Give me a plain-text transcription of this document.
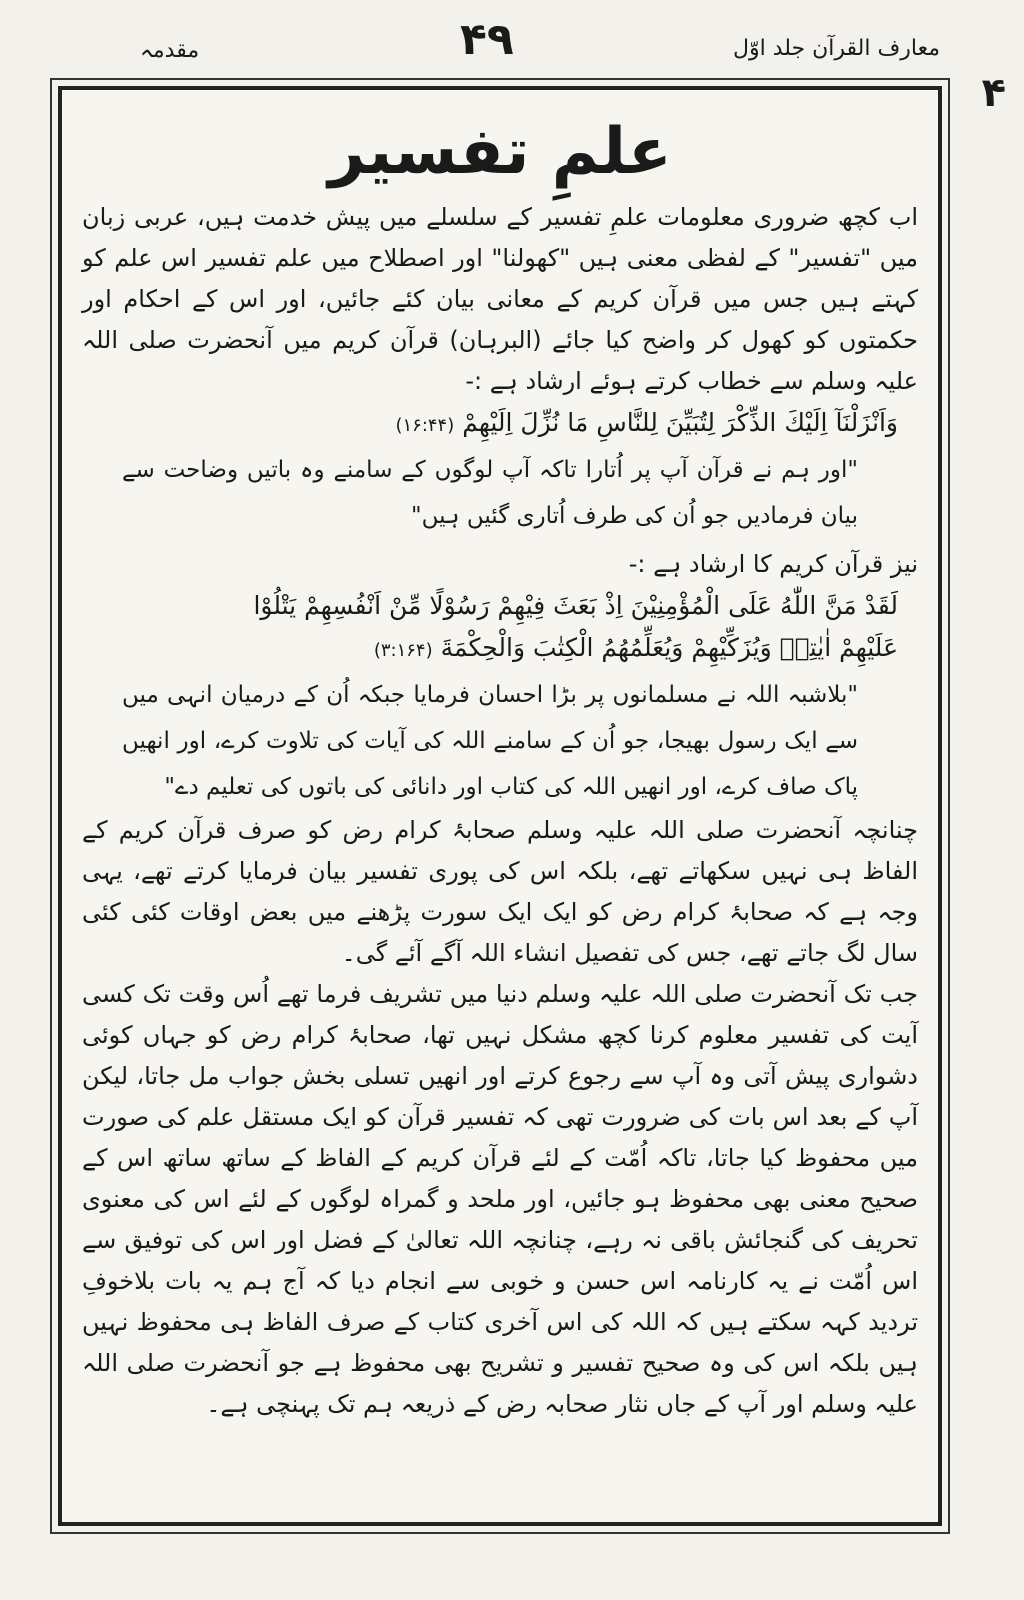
معارف القرآن جلد اوّل
۴۹
مقدمہ
۴
علمِ تفسیر

اب کچھ ضروری معلومات علمِ تفسیر کے سلسلے میں پیش خدمت ہیں، عربی زبان میں "تفسیر" کے لفظی معنی ہیں "کھولنا" اور اصطلاح میں علم تفسیر اس علم کو کہتے ہیں جس میں قرآن کریم کے معانی بیان کئے جائیں، اور اس کے احکام اور حکمتوں کو کھول کر واضح کیا جائے (البرہان) قرآن کریم میں آنحضرت صلی اللہ علیہ وسلم سے خطاب کرتے ہوئے ارشاد ہے :-

وَاَنْزَلْنَآ اِلَيْكَ الذِّكْرَ لِتُبَيِّنَ لِلنَّاسِ مَا نُزِّلَ اِلَيْهِمْ (۱۶:۴۴)

"اور ہم نے قرآن آپ پر اُتارا تاکہ آپ لوگوں کے سامنے وہ باتیں وضاحت سے بیان فرمادیں جو اُن کی طرف اُتاری گئیں ہیں"

نیز قرآن کریم کا ارشاد ہے :-

لَقَدْ مَنَّ اللّٰهُ عَلَى الْمُؤْمِنِيْنَ اِذْ بَعَثَ فِيْهِمْ رَسُوْلًا مِّنْ اَنْفُسِهِمْ يَتْلُوْا

عَلَيْهِمْ اٰيٰتِهٖ وَيُزَكِّيْهِمْ وَيُعَلِّمُهُمُ الْكِتٰبَ وَالْحِكْمَةَ (۳:۱۶۴)

"بلاشبہ اللہ نے مسلمانوں پر بڑا احسان فرمایا جبکہ اُن کے درمیان انہی میں سے ایک رسول بھیجا، جو اُن کے سامنے اللہ کی آیات کی تلاوت کرے، اور انھیں پاک صاف کرے، اور انھیں اللہ کی کتاب اور دانائی کی باتوں کی تعلیم دے"

چنانچہ آنحضرت صلی اللہ علیہ وسلم صحابۂ کرام رض کو صرف قرآن کریم کے الفاظ ہی نہیں سکھاتے تھے، بلکہ اس کی پوری تفسیر بیان فرمایا کرتے تھے، یہی وجہ ہے کہ صحابۂ کرام رض کو ایک ایک سورت پڑھنے میں بعض اوقات کئی کئی سال لگ جاتے تھے، جس کی تفصیل انشاء اللہ آگے آئے گی۔

جب تک آنحضرت صلی اللہ علیہ وسلم دنیا میں تشریف فرما تھے اُس وقت تک کسی آیت کی تفسیر معلوم کرنا کچھ مشکل نہیں تھا، صحابۂ کرام رض کو جہاں کوئی دشواری پیش آتی وہ آپ سے رجوع کرتے اور انھیں تسلی بخش جواب مل جاتا، لیکن آپ کے بعد اس بات کی ضرورت تھی کہ تفسیر قرآن کو ایک مستقل علم کی صورت میں محفوظ کیا جاتا، تاکہ اُمّت کے لئے قرآن کریم کے الفاظ کے ساتھ ساتھ اس کے صحیح معنی بھی محفوظ ہو جائیں، اور ملحد و گمراہ لوگوں کے لئے اس کی معنوی تحریف کی گنجائش باقی نہ رہے، چنانچہ اللہ تعالیٰ کے فضل اور اس کی توفیق سے اس اُمّت نے یہ کارنامہ اس حسن و خوبی سے انجام دیا کہ آج ہم یہ بات بلاخوفِ تردید کہہ سکتے ہیں کہ اللہ کی اس آخری کتاب کے صرف الفاظ ہی محفوظ نہیں ہیں بلکہ اس کی وہ صحیح تفسیر و تشریح بھی محفوظ ہے جو آنحضرت صلی اللہ علیہ وسلم اور آپ کے جاں نثار صحابہ رض کے ذریعہ ہم تک پہنچی ہے۔
